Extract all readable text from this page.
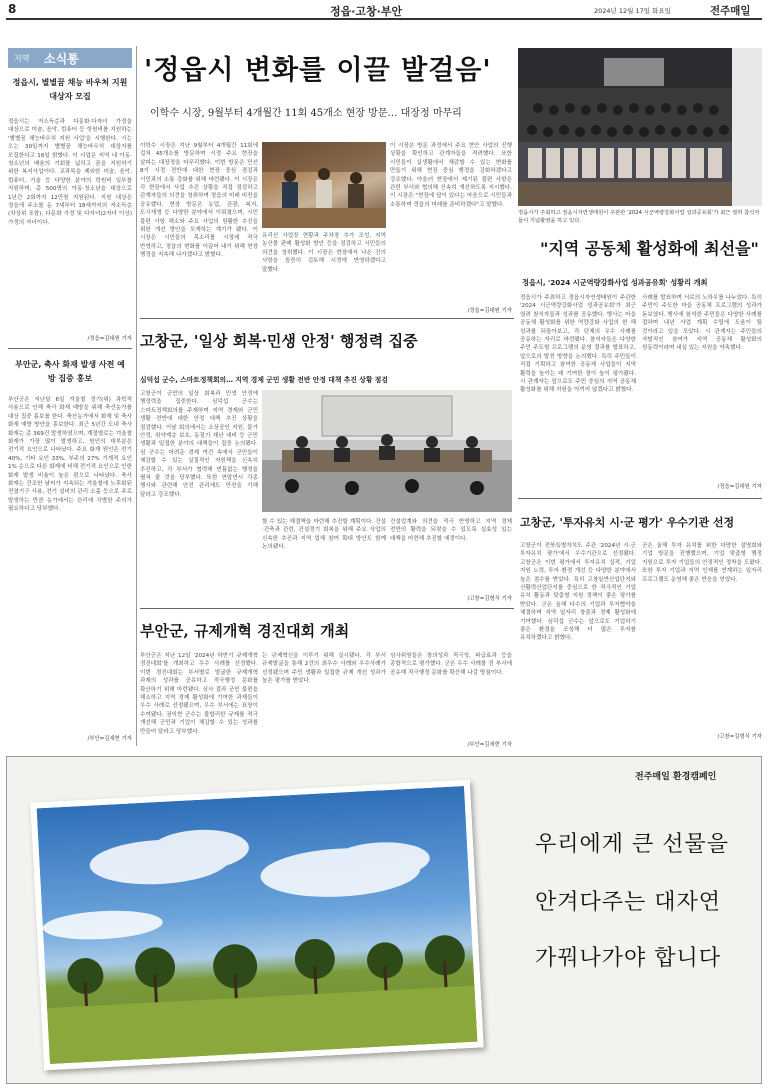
8	정읍·고창·부안	2024년 12월 17일 화요일	전주매일
지역 소식통
정읍시, 별별꿈 채능 바우처 지원 대상자 모집
정읍시는 저소득층과 다문화·다자녀 가정을 대상으로 미술, 음악, 컴퓨터 등 학원비를 지원하는 '별별꿈 채능바우처 지원 사업'을 시행한다. 시는 오는 30일까지 별별꿈 채능바우처 대상자를 모집한다고 16일 밝혔다. 이 사업은 지역 내 아동·청소년의 배움의 기회를 넓히고 꿈을 지원하기 위한 복지사업이다. 교과목을 제외한 미술, 음악, 컴퓨터, 기술 등 다양한 분야의 학원비 일부를 지원하며, 총 500명의 아동·청소년을 대상으로 1년간 2회까지 12만원 지원된다. 지원 대상은 정읍에 주소를 둔 7세부터 18세까지의 저소득층(차상위 포함), 다문화 가정 및 다자녀(2자녀 이상) 가정의 자녀이다.
/정읍=김대원 기자
부안군, 축사 화재 발생 사전 예방 집중 홍보
부안군은 지난달 6일 겨울철 정기(위) 과학적 사용으로 인해 축사 화재 예방을 위해 축산농가를 대상 집중 홍보를 한다. 축산농가에서 화재 및 축사 화재 예방 방안을 홍보한다. 최근 5년간 도내 축사 화재는 총 369건 발생하였으며, 계절별로는 겨울철 화재가 가장 많이 발생하고, 원인의 대부분은 전기적 요인으로 나타났다. 주요 화재 원인은 전기 40%, 기타 요인 33%, 부주의 27% 기계적 요인 1% 순으로 다른 화재에 비해 전기적 요인으로 인한 화재 발생 비율이 높은 편으로 나타났다. 축사 화재는 건조한 날씨가 지속되는 겨울철에 노후화된 전열기구 사용, 전기 설비의 관리 소홀 등으로 주로 발생하는 만큼 농가에서는 관리에 각별한 주의가 필요하다고 당부했다.
/부안=김세현 기자
'정읍시 변화를 이끌 발걸음'
이학수 시장, 9월부터 4개월간 11회 45개소 현장 방문… 대장정 마무리
이학수 시장은 지난 9월부터 4개월간 11회에 걸쳐 45개소를 방문하며 시정 주요 현장을 살피는 대장정을 마무리했다. 이번 방문은 민선 8기 시정 전반에 대한 현장 중심 점검과 시민과의 소통 강화를 위해 마련됐다. 이 시장은 각 현장에서 사업 추진 상황을 직접 점검하고 관계자들의 의견을 청취하며 정읍의 미래 비전을 공유했다. 현장 방문은 농업, 관광, 복지, 도시재생 등 다양한 분야에서 이뤄졌으며, 시민 불편 사항 해소와 주요 사업의 원활한 추진을 위한 개선 방안을 모색하는 계기가 됐다. 이 시장은 시민들의 목소리를 시정에 적극 반영하고, 정읍의 변화를 이끌어 내기 위해 현장 행정을 지속해 나가겠다고 밝혔다.
유리선 사업장 현황과 주차장 추가 조성, 지역 농산물 판매 활성화 방안 등을 점검하고 시민들의 의견을 청취했다. 이 시장은 현장에서 나온 건의 사항을 꼼꼼히 검토해 시정에 반영하겠다고 말했다.
이 시장은 방문 과정에서 주요 현안 사업의 진행 상황을 확인하고 관계자들을 격려했다. 또한 시민들이 실생활에서 체감할 수 있는 변화를 만들기 위해 현장 중심 행정을 강화하겠다고 강조했다. 아울러 현장에서 제기된 불편 사항은 관련 부서와 협의해 신속히 개선하도록 지시했다. 이 시장은 "현장에 답이 있다는 마음으로 시민들과 소통하며 정읍의 미래를 준비하겠다"고 말했다.
/정읍=김대원 기자
정읍시가 주최하고 정읍시자연생태원이 주관한 '2024 시군역량강화사업 성과공유회'가 최근 열려 참석자들이 기념촬영을 하고 있다.
"지역 공동체 활성화에 최선을"
정읍시, '2024 시군역량강화사업 성과공유회' 성황리 개최
정읍시가 주최하고 정읍시자연생태원이 주관한 '2024 시군역량강화사업 성과공유회'가 최근 열려 참석자들과 성과를 공유했다. 행사는 마을 공동체 활성화를 위한 역량강화 사업의 한 해 성과를 되돌아보고, 각 단체의 우수 사례를 공유하는 자리로 마련됐다. 참석자들은 다양한 주민 주도형 프로그램의 운영 결과를 발표하고, 앞으로의 발전 방향을 논의했다. 특히 주민들이 직접 기획하고 참여한 공동체 사업들이 지역 활력을 높이는 데 기여한 점이 높이 평가됐다. 시 관계자는 앞으로도 주민 중심의 지역 공동체 활성화를 위해 지원을 아끼지 않겠다고 밝혔다.
사례를 발표하며 서로의 노하우를 나누었다. 특히 주민이 주도한 마을 공동체 프로그램의 성과가 돋보였다. 행사에 참석한 주민들은 다양한 사례를 접하며 내년 사업 계획 수립에 도움이 될 것이라고 입을 모았다. 시 관계자는 주민들의 자발적인 참여가 지역 공동체 활성화의 원동력이라며 내실 있는 지원을 약속했다.
/정읍=김대원 기자
고창군, '일상 회복·민생 안정' 행정력 집중
심덕섭 군수, 스마트정책회의… 지역 경제 군민 생활 전반 안정 대책 추진 상황 점검
고창군이 군민의 일상 회복과 민생 안정에 행정력을 집중한다. 심덕섭 군수는 스마트정책회의를 주재하며 지역 경제와 군민 생활 전반에 대한 안정 대책 추진 상황을 점검했다. 이날 회의에서는 소상공인 지원, 물가 안정, 취약계층 보호, 동절기 재난 대비 등 군민 생활과 밀접한 분야의 대책들이 집중 논의됐다. 심 군수는 어려운 경제 여건 속에서 군민들이 체감할 수 있는 실질적인 지원책을 신속히 추진하고, 각 부서가 협력해 빈틈없는 행정을 펼쳐 줄 것을 당부했다. 또한 연말연시 각종 행사와 관련해 안전 관리에도 만전을 기해 달라고 강조했다.
할 수 있는 해결책을 마련해 추진할 계획이다. 건설·건축과 관련, 건설경기 회복을 위해 주요 사업의 신속한 추진과 지역 업체 참여 확대 방안도 함께 논의됐다.
건설업계와 의견을 적극 반영하고 지역 경제 전반의 활력을 되찾을 수 있도록 실효성 있는 대책을 마련해 추진할 예정이다.
/고창=김형식 기자
고창군, '투자유치 시·군 평가' 우수기관 선정
고창군이 전북특별자치도 주관 '2024년 시·군 투자유치 평가'에서 우수기관으로 선정됐다. 고창군은 이번 평가에서 투자유치 실적, 기업 지원 노력, 투자 환경 개선 등 다양한 분야에서 높은 점수를 받았다. 특히 고창일반산업단지와 신활력산업단지를 중심으로 한 적극적인 기업 유치 활동과 맞춤형 지원 정책이 좋은 평가를 받았다. 군은 올해 다수의 기업과 투자협약을 체결하며 지역 일자리 창출과 경제 활성화에 기여했다. 심덕섭 군수는 앞으로도 기업하기 좋은 환경을 조성해 더 많은 투자를 유치하겠다고 밝혔다.
군은 올해 투자 유치를 위한 다양한 설명회와 기업 방문을 진행했으며, 기업 맞춤형 행정 지원으로 투자 기업들의 안정적인 정착을 도왔다. 또한 투자 기업과 지역 인재를 연계하는 일자리 프로그램도 운영해 좋은 반응을 얻었다.
/고창=김형식 기자
부안군, 규제개혁 경진대회 개최
부안군은 지난 12일 '2024년 하반기 규제개혁 경진대회'를 개최하고 우수 사례를 선정했다. 이번 경진대회는 부서별로 발굴한 규제개혁 과제의 성과를 공유하고 적극행정 문화를 확산하기 위해 마련됐다. 심사 결과 군민 불편을 해소하고 지역 경제 활성화에 기여한 과제들이 우수 사례로 선정됐으며, 우수 부서에는 표창이 수여됐다. 권익현 군수는 불합리한 규제를 적극 개선해 군민과 기업이 체감할 수 있는 성과를 만들어 달라고 당부했다.
는 규제혁신을 이루기 위해 실시됐다. 각 부서 규제발굴을 통해 2건의 최우수 사례와 우수사례가 선정됐으며 주민 생활과 밀접한 규제 개선 성과가 높은 평가를 받았다.
심사위원들은 창의성과 적극성, 파급효과 등을 종합적으로 평가했다. 군은 우수 사례를 전 부서에 공유해 적극행정 문화를 확산해 나갈 방침이다.
/부안=김세현 기자
전주매일 환경캠페인
우리에게 큰 선물을
안겨다주는 대자연
가꿔나가야 합니다
